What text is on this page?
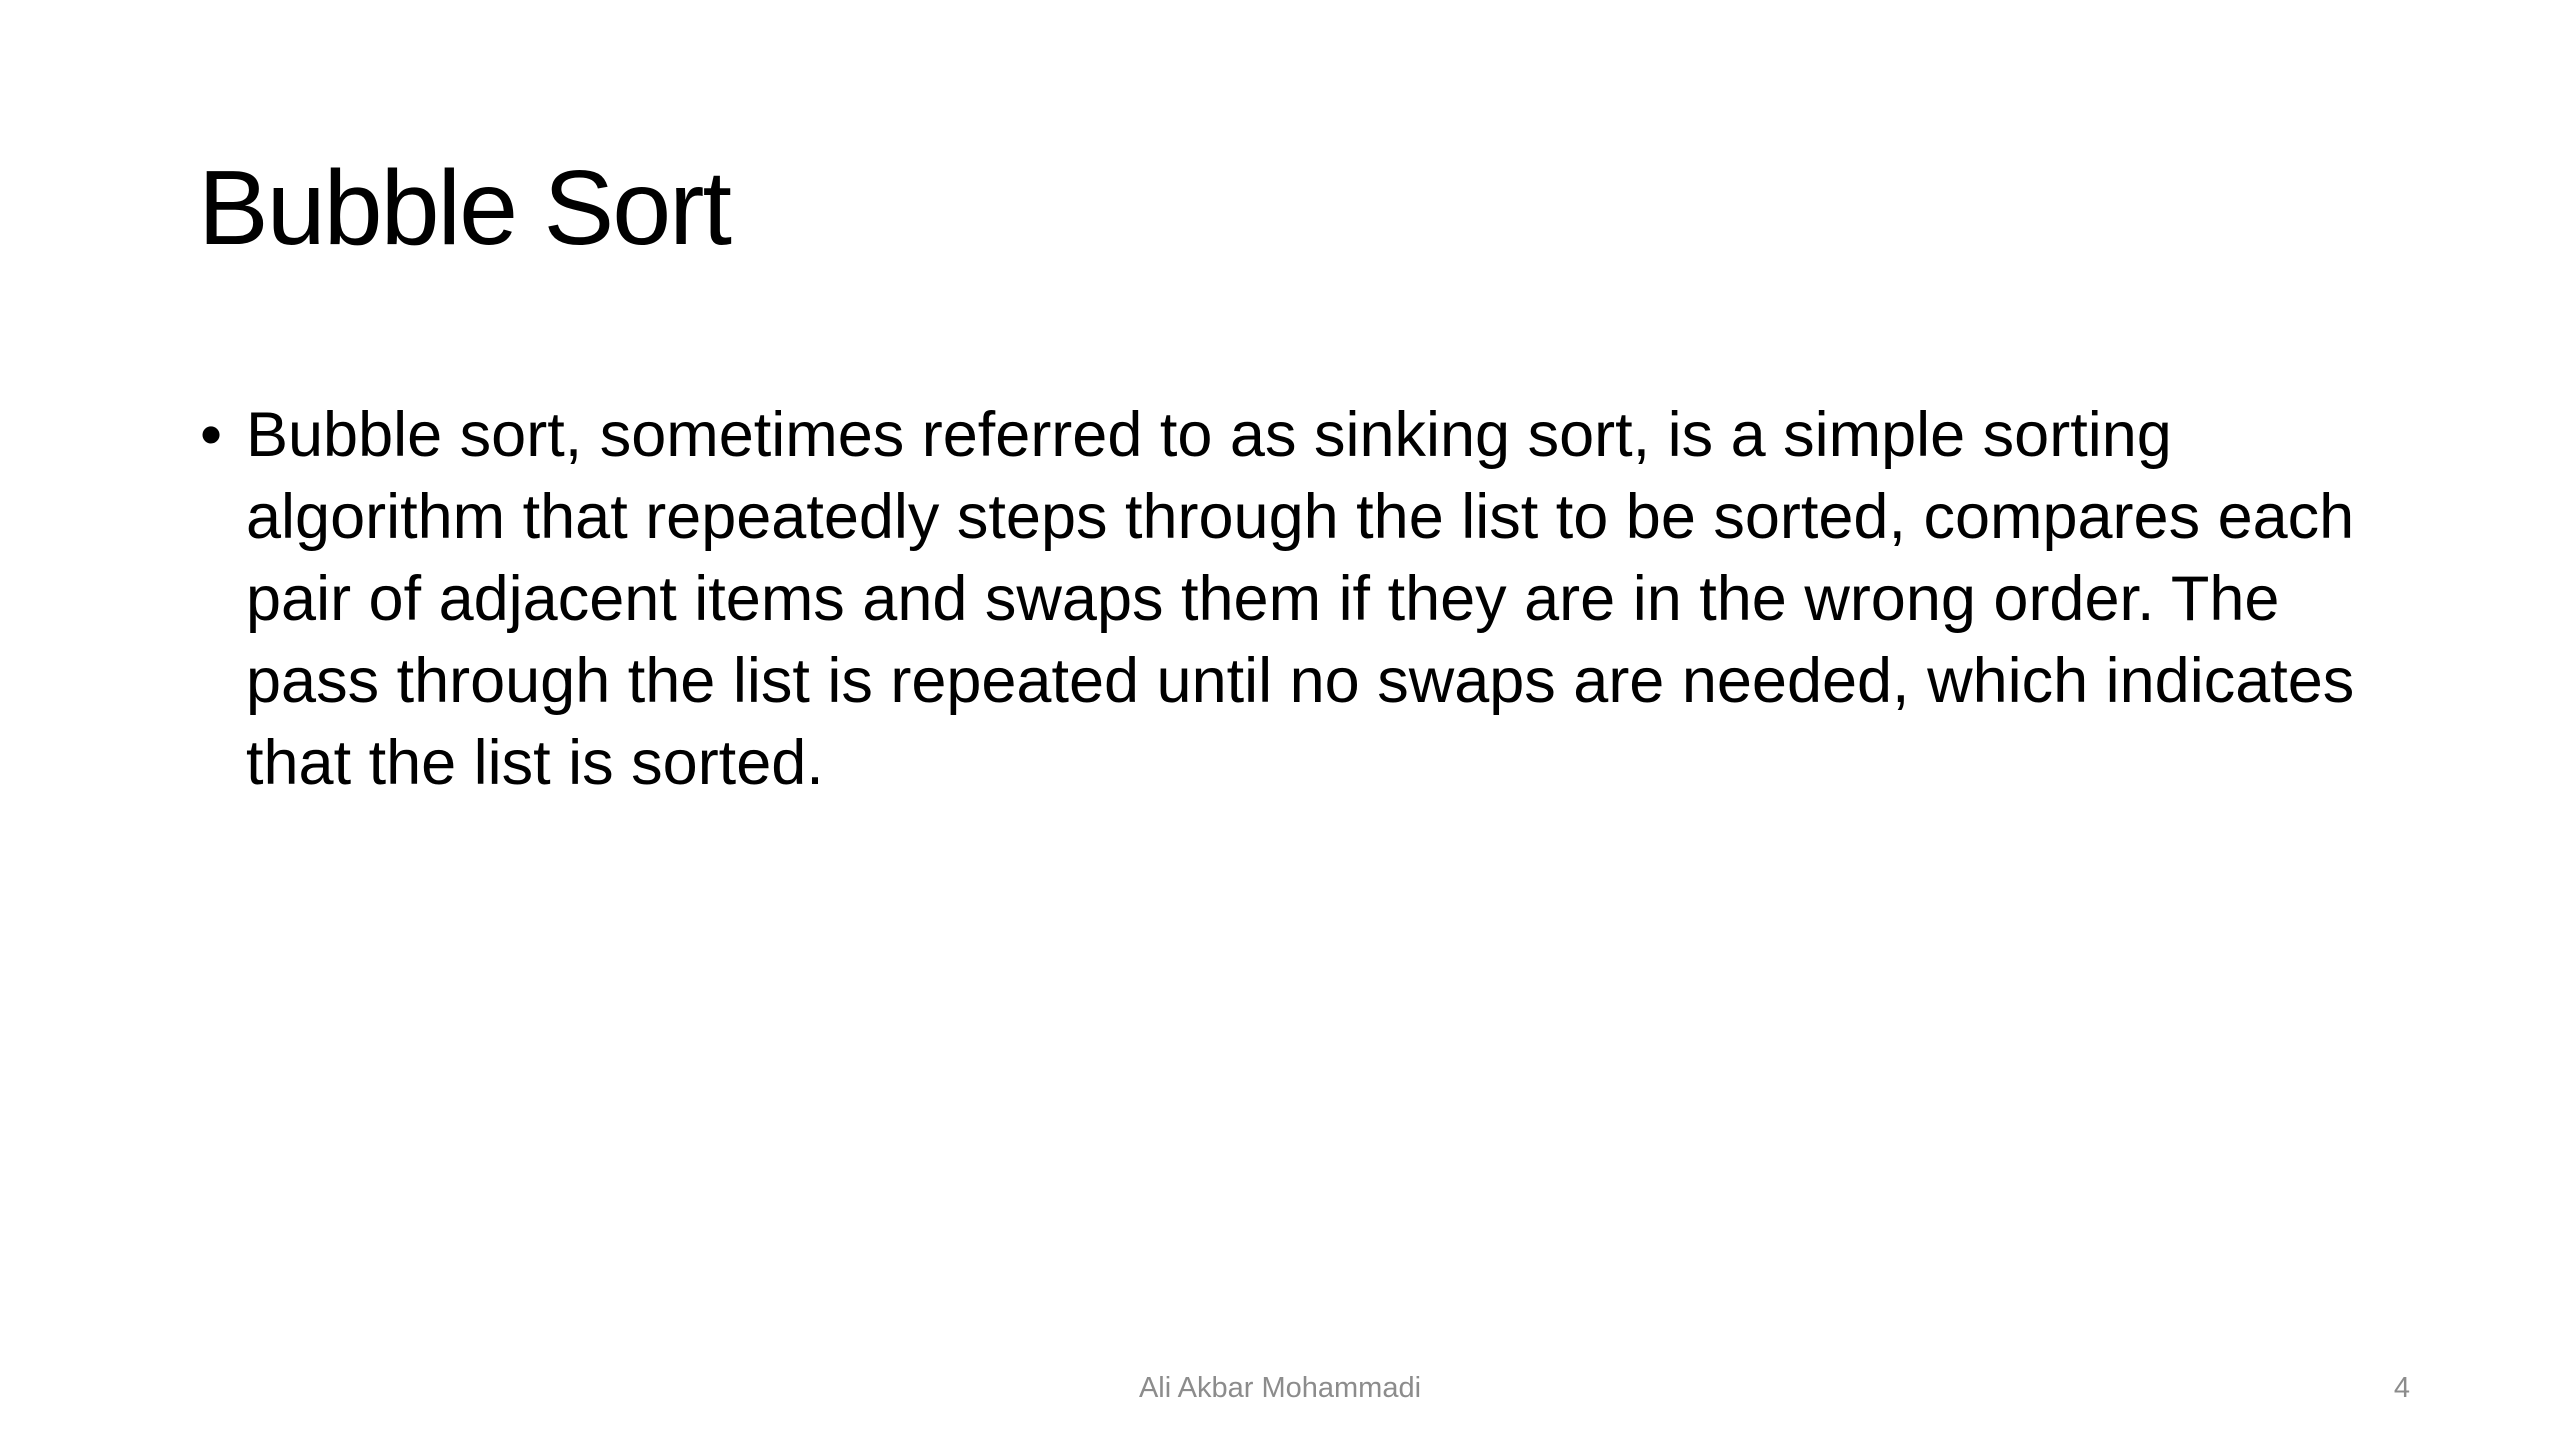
Bubble Sort
• Bubble sort, sometimes referred to as sinking sort, is a simple sorting algorithm that repeatedly steps through the list to be sorted, compares each pair of adjacent items and swaps them if they are in the wrong order. The pass through the list is repeated until no swaps are needed, which indicates that the list is sorted.
Ali Akbar Mohammadi	4
